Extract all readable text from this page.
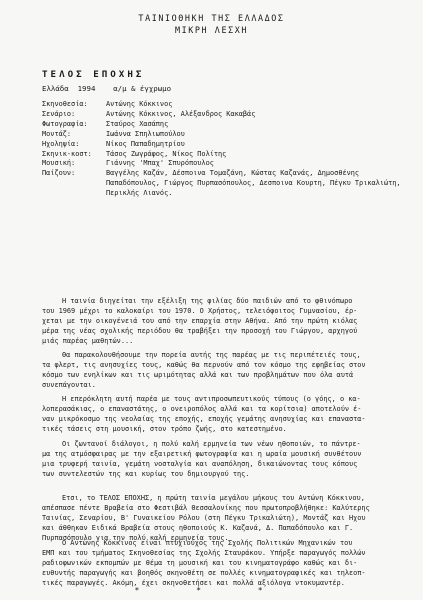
ΤΑΙΝΙΟΘΗΚΗ ΤΗΣ ΕΛΛΑΔΟΣ
ΜΙΚΡΗ ΛΕΣΧΗ
ΤΕΛΟΣ ΕΠΟΧΗΣ
Ελλάδα  1994 α/μ & έγχρωμο
Σκηνοθεσία:	Αντώνης Κόκκινος
Σενάριο:	Αντώνης Κόκκινος, Αλέξανδρος Κακαβάς
Φωτογραφία:	Σταύρος Χασάπης
Μοντάζ:	Ιωάννα Σπηλιωπούλου
Ηχοληψία:	Νίκος Παπαδημητρίου
Σκηνικ-κοστ:	Τάσος Ζωγράφος, Νίκος Πολίτης
Μουσική:	Γιάννης 'Μπαχ' Σπυρόπουλος
Παίζουν:	Βαγγέλης Καζάν, Δέσποινα Τομαζάνη, Κώστας Καζανάς, Δημοσθένης Παπαδόπουλος, Γιώργος Πυρπασόπουλος, Δεσποινα Κουρτη, Πέγκυ Τρικαλιώτη, Περικλής Λιανός.
Η ταινία διηγείται την εξέλιξη της φιλίας δύο παιδιών από το φθινόπωρο
του 1969 μέχρι το καλοκαίρι του 1970. Ο Χρήστος, τελειόφοιτος Γυμνασίου, έρ-
χεται με την οικογένειά του από την επαρχία στην Αθήνα. Από την πρώτη κιόλας
μέρα της νέας σχολικής περιόδου θα τραβήξει την προσοχή του Γιώργου, αρχηγού
μιάς παρέας μαθητών...
Θα παρακολουθήσουμε την πορεία αυτής της παρέας με τις περιπέτειές τους,
τα φλερτ, τις ανησυχίες τους, καθώς θα περνούν από τον κόσμο της εφηβείας στον
κόσμο των ενηλίκων και τις ωριμότητας αλλά και των προβλημάτων που όλα αυτά
συνεπάγονται.
Η επερόκλητη αυτή παρέα με τους αντιπροσωπευτικούς τύπους (ο γόης, ο κα-
λοπερασάκιας, ο επαναστάτης, ο ονειροπόλος αλλά και τα κορίτσια) αποτελούν έ-
ναν μικρόκοσμο της νεολαίας της εποχής, εποχής γεμάτης ανησυχίας και επαναστα-
τικές τάσεις στη μουσική, στον τρόπο ζωής, στο κατεστημένο.
Οι ζωντανοί διάλογοι, η πολύ καλή ερμηνεία των νέων ηθοποιών, το πάντρε-
μα της ατμόσφαιρας με την εξαιρετική φωτογραφία και η ωραία μουσική συνθέτουν
μια τρυφερή ταινία, γεμάτη νοσταλγία και αναπόληση, δικαιώνοντας τους κόπους
των συντελεστών της και κυρίως του δημιουργού της.
Ετσι, το ΤΕΛΟΣ ΕΠΟΧΗΣ, η πρώτη ταινία μεγάλου μήκους του Αντώνη Κόκκινου,
απέσπασε πέντε Βραβεία στο Φεστιβάλ Θεσσαλονίκης που πρωτοπροβλήθηκε: Καλύτερης
Ταινίας, Σεναρίου, Β' Γυναικείου Ρόλου (στη Πέγκυ Τρικαλιώτη), Μοντάζ και Ηχου
και άθθηκαν Ειδικά Βραβεία στους ηθοποιούς Κ. Καζανά, Δ. Παπαδόπουλο και Γ.
Πυρπασόπουλο για την πολύ καλή ερμηνεία τους.
Ο Αντώνης Κόκκινος είναι πτυχιούχος της Σχολής Πολιτικών Μηχανικών του
ΕΜΠ και του τμήματος Σκηνοθεσίας της Σχολής Σταυράκου. Υπήρξε παραγωγός πολλών
ραδιοφωνικών εκπομπών με θέμα τη μουσική και του κινηματογράφο καθώς και δι-
ευθυντής παραγωγής και βοηθός σκηνοθέτη σε πολλές κινηματογραφικές και τηλεοπ-
τικές παραγωγές. Ακόμη, έχει σκηνοθετήσει και πολλά αξιόλογα ντοκυμαντέρ.
* * *
